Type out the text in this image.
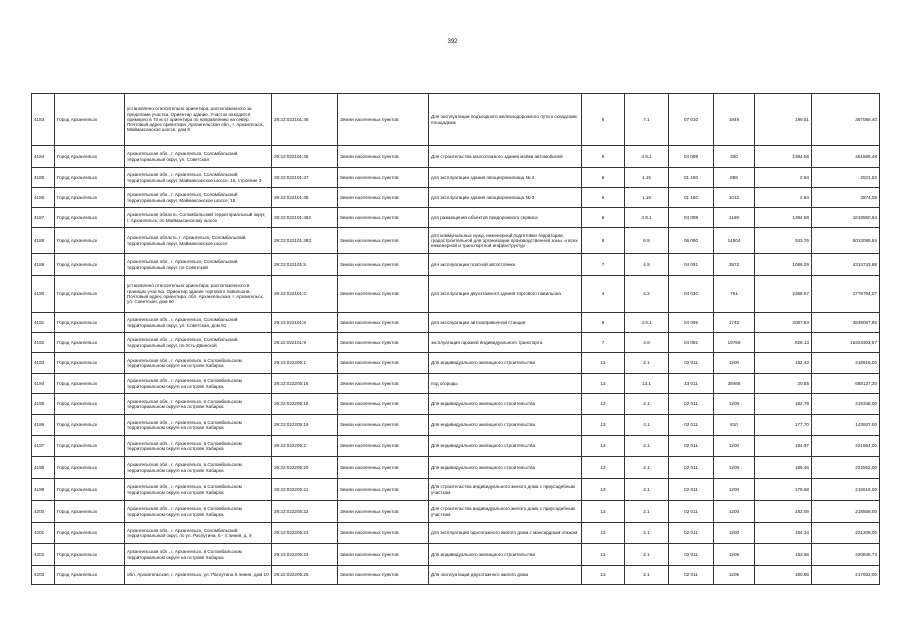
392
4183	Город Архангельск	установлено относительно ориентира, расположенного за пределами участка. Ориентир здание. Участок находится примерно в 70 м от ориентира по направлению на север. Почтовый адрес ориентира: Архангельская обл., г. Архангельск, Маймаксанское шоссе, дом 6	29:22:022101:45	Земли населенных пунктов	Для эксплуатации подъездного железнодорожного пути к складским площадкам	6	7.1	07 010	1849	199.51	367068,40
4184	Город Архангельск	Архангельская обл., г. Архангельск, Соломбальский территориальный округ, ул. Советская	29:22:022101:46	Земли населенных пунктов	Для строительства малоэтажного здания мойки автомобилей	6	4.9.1	04 098	330	1384.56	461868,48
4185	Город Архангельск	Архангельская обл., г. Архангельск, Соломбальский территориальный округ, Маймаксанское шоссе, 15, строение 3	29:22:022101:47	Земли населенных пунктов	для эксплуатации здания овощехранилища № 4	6	1.15	01 150	868	2.84	2521,82
4186	Город Архангельск	Архангельская обл., г. Архангельск, Соломбальский территориальный округ, Маймаксанское шоссе, 15	29:22:022101:48	Земли населенных пунктов	для эксплуатации здания овощехранилища № 3	6	1.15	01 150	1012	2.84	2874,08
4187	Город Архангельск	Архангельская область, Соломбальский территориальный округ, г. Архангельск, по Маймаксанскому шоссе	29:22:022101:482	Земли населенных пунктов	для размещения объектов придорожного сервиса	6	4.9.1	04 099	1169	1384.58	1618550,64
4188	Город Архангельск	Архангельская область, г. Архангельск, Соломбальский территориальный округ, Маймаксанское шоссе	29:22:022101:483	Земли населенных пунктов	для коммунальных нужд, инженерной подготовки территории, градостроительной для организации производственной зоны, и всех инженерной и транспортной инфраструктур	6	6.9	06 090	14504	343.76	5013095,84
4189	Город Архангельск	Архангельская обл., г. Архангельск, Соломбальский территориальный округ, по Советской	29:22:022101:5	Земли населенных пунктов	для эксплуатации платной автостоянки	7	4.9	04 091	3872	1086.29	4314743,88
4190	Город Архангельск	установлено относительно ориентира, расположенного в границах участка. Ориентир здание торгового павильона. Почтовый адрес ориентира: обл. Архангельская, г. Архангельск, ул. Советская, дом 90	29:22:022101:3	Земли населенных пунктов	для эксплуатации двухэтажного здания торгового павильона	4	4.3	04 030	751	2368.57	1778794,07
4191	Город Архангельск	Архангельская обл., г. Архангельск, Соломбальский территориальный округ, ул. Советская, дом 91	29:22:022101:8	Земли населенных пунктов	для эксплуатации автозаправочной станции	6	4.9.1	04 095	1743	2087.83	3639067,69
4192	Город Архангельск	Архангельская обл., г. Архангельск, Соломбальский территориальный округ, по Усть-Двинской	29:22:022101:9	Земли населенных пунктов	эксплуатация гаражей индивидуального транспорта	7	4.9	04 092	19759	826.13	16323302,67
4193	Город Архангельск	Архангельская обл., г. Архангельск, в Соломбальском территориальном округе на острове Хабарка	29:22:022205:1	Земли населенных пунктов	Для индивидуального жилищного строительства	13	2.1	02 011	1200	182.43	218916,00
4194	Город Архангельск	Архангельская обл., г. Архангельск, в Соломбальском территориальном округе на острове Хабарка	29:22:022205:16	Земли населенных пунктов	под огороды	13	13.1	13 011	39466	20.55	688137,30
4195	Город Архангельск	Архангельская обл., г. Архангельск, в Соломбальском территориальном округе на острове Хабарка	29:22:022205:18	Земли населенных пунктов	Для индивидуального жилищного строительства	13	2.1	02 011	1200	182.79	219348,00
4196	Город Архангельск	Архангельская обл., г. Архангельск, в Соломбальском территориальном округе на острове Хабарка	29:22:022205:19	Земли населенных пунктов	Для индивидуального жилищного строительства	13	2.1	02 011	810	177.70	143937,00
4197	Город Архангельск	Архангельская обл., г. Архангельск, в Соломбальском территориальном округе на острове Хабарка	29:22:022205:2	Земли населенных пунктов	Для индивидуального жилищного строительства	13	2.1	02 011	1200	184.97	221964,00
4198	Город Архангельск	Архангельская обл., г. Архангельск, в Соломбальском территориальном округе на острове Хабарка	29:22:022205:20	Земли населенных пунктов	Для индивидуального жилищного строительства	13	2.1	02 011	1200	185.46	222552,00
4199	Город Архангельск	Архангельская обл., г. Архангельск, в Соломбальском территориальном округе на острове Хабарка	29:22:022205:21	Земли населенных пунктов	Для строительства индивидуального жилого дома с приусадебным участком	13	2.1	02 011	1200	179.68	215616,00
4200	Город Архангельск	Архангельская обл., г. Архангельск, в Соломбальском территориальном округе на острове Хабарка	29:22:022205:22	Земли населенных пунктов	Для строительства индивидуального жилого дома с приусадебным участком	13	2.1	02 011	1200	182.09	218508,00
4201	Город Архангельск	Архангельская обл., г. Архангельск, Соломбальский территориальный округ, по ул. Распутина, 5 - п линия, д. 9	29:22:022205:23	Земли населенных пунктов	для эксплуатации одноэтажного жилого дома с мансардным этажом	13	2.1	02 011	1200	184.34	221208,00
4202	Город Архангельск	Архангельская обл., г. Архангельск, в Соломбальском территориальном округе на острове Хабарка	29:22:022205:24	Земли населенных пунктов	Для индивидуального жилищного строительства	13	2.1	02 011	1205	183.56	220846,74
4203	Город Архангельск	обл. Архангельская, г. Архангельск, ул. Распутина 5 линия, дом 10	29:22:022205:25	Земли населенных пунктов	Для эксплуатации двухэтажного жилого дома	13	2.1	02 011	1205	180.86	217932,00
